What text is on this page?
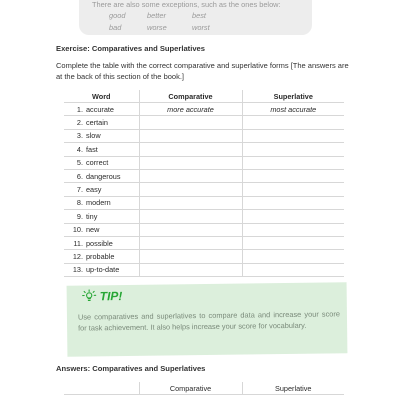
There are also some exceptions, such as the ones below:
good	better	best
bad	worse	worst
Exercise: Comparatives and Superlatives
Complete the table with the correct comparative and superlative forms [The answers are at the back of this section of the book.]
Word	Comparative	Superlative
1. accurate	more accurate	most accurate
2. certain		
3. slow		
4. fast		
5. correct		
6. dangerous		
7. easy		
8. modern		
9. tiny		
10. new		
11. possible		
12. probable		
13. up-to-date		
TIP!
Use comparatives and superlatives to compare data and increase your score for task achievement. It also helps increase your score for vocabulary.
Answers: Comparatives and Superlatives
	Comparative	Superlative
